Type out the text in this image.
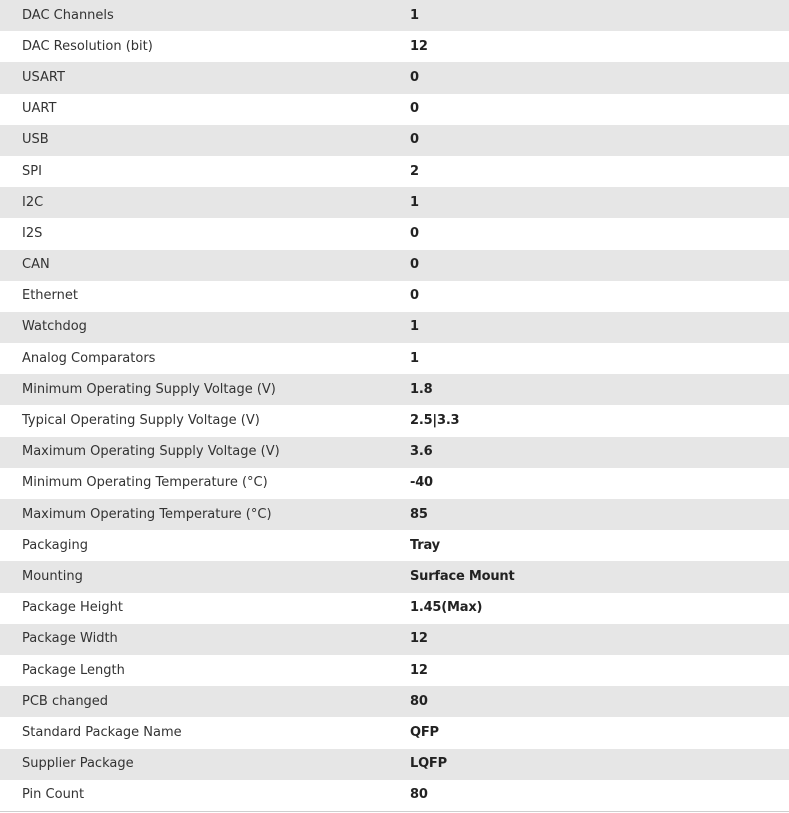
DAC Channels	1
DAC Resolution (bit)	12
USART	0
UART	0
USB	0
SPI	2
I2C	1
I2S	0
CAN	0
Ethernet	0
Watchdog	1
Analog Comparators	1
Minimum Operating Supply Voltage (V)	1.8
Typical Operating Supply Voltage (V)	2.5|3.3
Maximum Operating Supply Voltage (V)	3.6
Minimum Operating Temperature (°C)	-40
Maximum Operating Temperature (°C)	85
Packaging	Tray
Mounting	Surface Mount
Package Height	1.45(Max)
Package Width	12
Package Length	12
PCB changed	80
Standard Package Name	QFP
Supplier Package	LQFP
Pin Count	80
